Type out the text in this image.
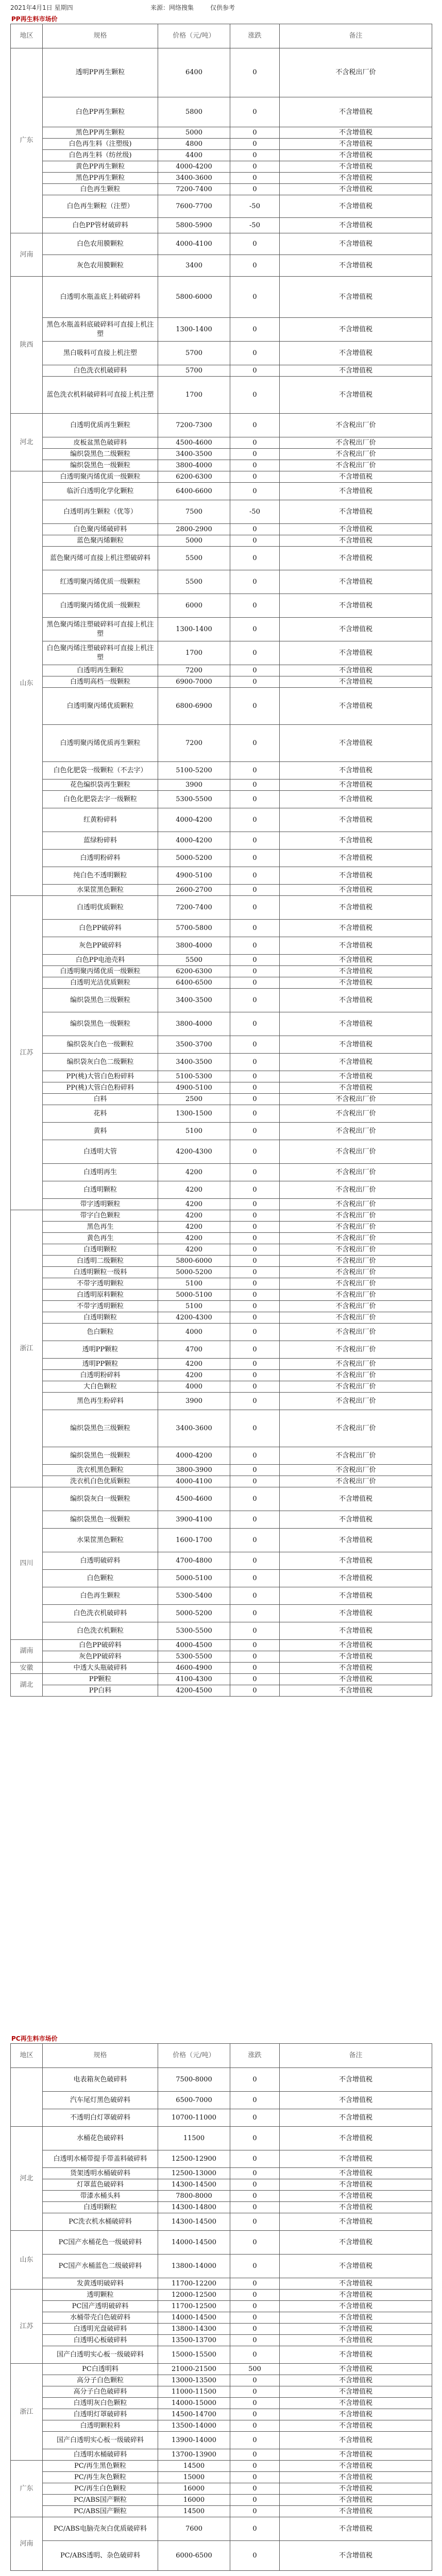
2021年4月1日 星期四	来源：网络搜集	仅供参考
PP再生料市场价
地区	规格	价格（元/吨）	涨跌	备注
广东	透明PP再生颗粒	6400	0	不含税出厂价
	白色PP再生颗粒	5800	0	不含增值税
	黑色PP再生颗粒	5000	0	不含增值税
	白色再生料（注塑级)	4800	0	不含增值税
	白色再生料（纺丝级)	4400	0	不含增值税
	黄色PP再生颗粒	4000-4200	0	不含增值税
	黑色PP再生颗粒	3400-3600	0	不含增值税
	白色再生颗粒	7200-7400	0	不含增值税
	白色再生颗粒（注塑）	7600-7700	-50	不含增值税
	白色PP管材破碎料	5800-5900	-50	不含增值税
河南	白色农用膜颗粒	4000-4100	0	不含增值税
	灰色农用膜颗粒	3400	0	不含增值税
陕西	白透明水瓶盖底上料破碎料	5800-6000	0	不含增值税
	黑色水瓶盖料底破碎料可直接上机注塑	1300-1400	0	不含增值税
	黑白吸料可直接上机注塑	5700	0	不含增值税
	白色洗衣机破碎料	5700	0	不含增值税
	蓝色洗衣机料破碎料可直接上机注塑	1700	0	不含增值税
河北	白透明优质再生颗粒	7200-7300	0	不含税出厂价
	皮板盆黑色破碎料	4500-4600	0	不含税出厂价
	编织袋黑色二级颗粒	3400-3500	0	不含税出厂价
	编织袋黑色一级颗粒	3800-4000	0	不含税出厂价
山东	白透明聚丙烯优质一级颗粒	6200-6300	0	不含增值税
	临沂白透明化学化颗粒	6400-6600	0	不含增值税
	白透明再生颗粒（优等）	7500	-50	不含增值税
	白色聚丙烯破碎料	2800-2900	0	不含增值税
	蓝色聚丙烯颗粒	5000	0	不含增值税
	蓝色聚丙烯可直接上机注塑破碎料	5500	0	不含增值税
	红透明聚丙烯优质一级颗粒	5500	0	不含增值税
	白透明聚丙烯优质一级颗粒	6000	0	不含增值税
	黑色聚丙烯注塑破碎料可直接上机注塑	1300-1400	0	不含增值税
	白色聚丙烯注塑破碎料可直接上机注塑	1700	0	不含增值税
	白透明再生颗粒	7200	0	不含增值税
	白透明高档一级颗粒	6900-7000	0	不含增值税
	白透明聚丙烯优质颗粒	6800-6900	0	不含增值税
	白透明聚丙烯优质再生颗粒	7200	0	不含增值税
	白色化肥袋一级颗粒（不去字）	5100-5200	0	不含增值税
	花色编织袋再生颗粒	3900	0	不含增值税
	白色化肥袋去字一级颗粒	5300-5500	0	不含增值税
	红黄粉碎料	4000-4200	0	不含增值税
	蓝绿粉碎料	4000-4200	0	不含增值税
	白透明粉碎料	5000-5200	0	不含增值税
	纯白色不透明颗粒	4900-5100	0	不含增值税
	水果筐黑色颗粒	2600-2700	0	不含增值税
江苏	白透明优质颗粒	7200-7400	0	不含增值税
	白色PP破碎料	5700-5800	0	不含增值税
	灰色PP破碎料	3800-4000	0	不含增值税
	白色PP电池壳料	5500	0	不含增值税
	白透明聚丙烯优质一级颗粒	6200-6300	0	不含增值税
	白透明光洁优质颗粒	6400-6500	0	不含增值税
	编织袋黑色三级颗粒	3400-3500	0	不含增值税
	编织袋黑色一级颗粒	3800-4000	0	不含增值税
	编织袋灰白色一级颗粒	3500-3700	0	不含增值税
	编织袋灰白色二级颗粒	3400-3500	0	不含增值税
	PP(桃)大管白色粉碎料	5100-5300	0	不含增值税
	PP(桃)大管白色粉碎料	4900-5100	0	不含增值税
	白料	2500	0	不含税出厂价
	花料	1300-1500	0	不含税出厂价
	黄料	5100	0	不含税出厂价
	白透明大管	4200-4300	0	不含税出厂价
	白透明再生	4200	0	不含税出厂价
	白透明颗粒	4200	0	不含税出厂价
	带字透明颗粒	4200	0	不含税出厂价
浙江	带字白色颗粒	4200	0	不含税出厂价
	黑色再生	4200	0	不含税出厂价
	黄色再生	4200	0	不含税出厂价
	白透明颗粒	4200	0	不含税出厂价
	白透明二级颗粒	5800-6000	0	不含税出厂价
	白透明颗粒一级料	5000-5200	0	不含税出厂价
	不带字透明颗粒	5100	0	不含税出厂价
	白透明原料颗粒	5000-5100	0	不含税出厂价
	不带字透明颗粒	5100	0	不含税出厂价
	白透明颗粒	4200-4300	0	不含税出厂价
	色白颗粒	4000	0	不含税出厂价
	透明PP颗粒	4700	0	不含税出厂价
	透明PP颗粒	4200	0	不含税出厂价
	白透明粉碎料	4200	0	不含税出厂价
	大白色颗粒	4000	0	不含税出厂价
	黑色再生粉碎料	3900	0	不含税出厂价
	编织袋黑色三级颗粒	3400-3600	0	不含税出厂价
	编织袋黑色一级颗粒	4000-4200	0	不含税出厂价
	洗衣机黑色颗粒	3800-3900	0	不含税出厂价
	洗衣机白色优质颗粒	4000-4100	0	不含税出厂价
四川	编织袋灰白一级颗粒	4500-4600	0	不含增值税
	编织袋黑色一级颗粒	3900-4100	0	不含增值税
	水果筐黑色颗粒	1600-1700	0	不含增值税
	白透明破碎料	4700-4800	0	不含增值税
	白色颗粒	5000-5100	0	不含增值税
	白色再生颗粒	5300-5400	0	不含增值税
	白色洗衣机破碎料	5000-5200	0	不含增值税
	白色洗衣机颗粒	5300-5500	0	不含增值税
湖南	白色PP破碎料	4000-4500	0	不含增值税
	灰色PP破碎料	5300-5500	0	不含增值税
安徽	中透大头瓶破碎料	4600-4900	0	不含增值税
湖北	PP颗粒	4100-4300	0	不含增值税
	PP白料	4200-4500	0	不含增值税
PC再生料市场价
地区	规格	价格（元/吨）	涨跌	备注
	电表箱灰色破碎料	7500-8000	0	不含增值税
	汽车尾灯黑色破碎料	6500-7000	0	不含增值税
	不透明白灯罩破碎料	10700-11000	0	不含增值税
河北	水桶花色破碎料	11500	0	不含增值税
	白透明水桶带提手带盖料破碎料	12500-12900	0	不含增值税
	货架透明水桶破碎料	12500-13000	0	不含增值税
	灯罩蓝色破碎料	14300-14500	0	不含增值税
	带漆水桶头料	7800-8000	0	不含增值税
	白透明颗粒	14300-14800	0	不含增值税
	PC洗衣机水桶破碎料	14300-14500	0	不含增值税
山东	PC国产水桶花色一级破碎料	14000-14500	0	不含增值税
	PC国产水桶蓝色二级破碎料	13800-14000	0	不含增值税
	发黄透明破碎料	11700-12200	0	不含增值税
江苏	透明颗粒	12000-12500	0	不含增值税
	PC国产透明破碎料	11700-12500	0	不含增值税
	水桶带壳白色破碎料	14000-14500	0	不含增值税
	白透明光盘破碎料	13800-14300	0	不含增值税
	白透明心板破碎料	13500-13700	0	不含增值税
	国产白透明实心板一级破碎料	15000-15500	0	不含增值税
浙江	PC白透明料	21000-21500	500	不含增值税
	高分子白色颗粒	13000-13500	0	不含增值税
	高分子白色破碎料	11000-11500	0	不含增值税
	白透明灰白色颗粒	14000-15000	0	不含增值税
	白透明灯罩破碎料	14500-14700	0	不含增值税
	白透明颗粒料	13500-14000	0	不含增值税
	国产白透明实心板一级破碎料	13900-14000	0	不含增值税
	白透明水桶破碎料	13700-13900	0	不含增值税
广东	PC/再生黑色颗粒	14500	0	不含增值税
	PC/再生灰色颗粒	15000	0	不含增值税
	PC/再生白色颗粒	16000	0	不含增值税
	PC/ABS国产颗粒	16000	0	不含增值税
	PC/ABS国产颗粒	14500	0	不含增值税
河南	PC/ABS电脑壳灰白优质破碎料	7600	0	不含增值税
	PC/ABS透明、杂色破碎料	6000-6500	0	不含增值税
